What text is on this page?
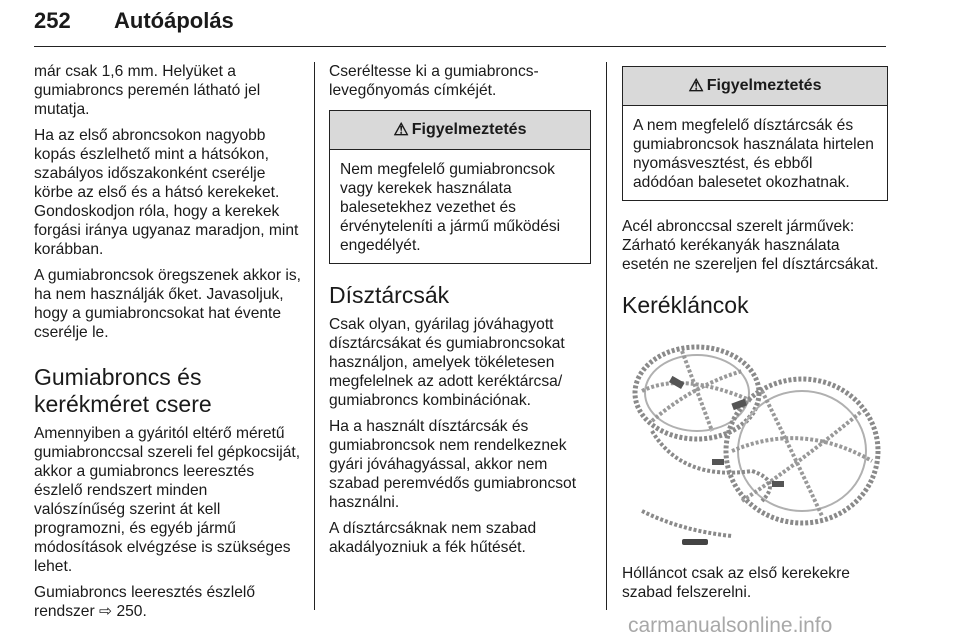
252 Autóápolás

már csak 1,6 mm. Helyüket a gumiabroncs peremén látható jel mutatja.

Ha az első abroncsokon nagyobb kopás észlelhető mint a hátsókon, szabályos időszakonként cserélje körbe az első és a hátsó kerekeket. Gondoskodjon róla, hogy a kerekek forgási iránya ugyanaz maradjon, mint korábban.

A gumiabroncsok öregszenek akkor is, ha nem használják őket. Javasoljuk, hogy a gumiabroncsokat hat évente cserélje le.

Gumiabroncs és kerékméret csere

Amennyiben a gyáritól eltérő méretű gumiabronccsal szereli fel gépkocsiját, akkor a gumiabroncs leeresztés észlelő rendszert minden valószínűség szerint át kell programozni, és egyéb jármű módosítások elvégzése is szükséges lehet.

Gumiabroncs leeresztés észlelő rendszer ⇨ 250.

Cseréltesse ki a gumiabroncs-levegőnyomás címkéjét.

⚠ Figyelmeztetés

Nem megfelelő gumiabroncsok vagy kerekek használata balesetekhez vezethet és érvényteleníti a jármű működési engedélyét.

Dísztárcsák

Csak olyan, gyárilag jóváhagyott dísztárcsákat és gumiabroncsokat használjon, amelyek tökéletesen megfelelnek az adott keréktárcsa/ gumiabroncs kombinációnak.

Ha a használt dísztárcsák és gumiabroncsok nem rendelkeznek gyári jóváhagyással, akkor nem szabad peremvédős gumiabroncsot használni.

A dísztárcsáknak nem szabad akadályozniuk a fék hűtését.

⚠ Figyelmeztetés

A nem megfelelő dísztárcsák és gumiabroncsok használata hirtelen nyomásvesztést, és ebből adódóan balesetet okozhatnak.

Acél abronccsal szerelt járművek: Zárható kerékanyák használata esetén ne szereljen fel dísztárcsákat.

Kerékláncok

Hólláncot csak az első kerekekre szabad felszerelni.

carmanualsonline.info
